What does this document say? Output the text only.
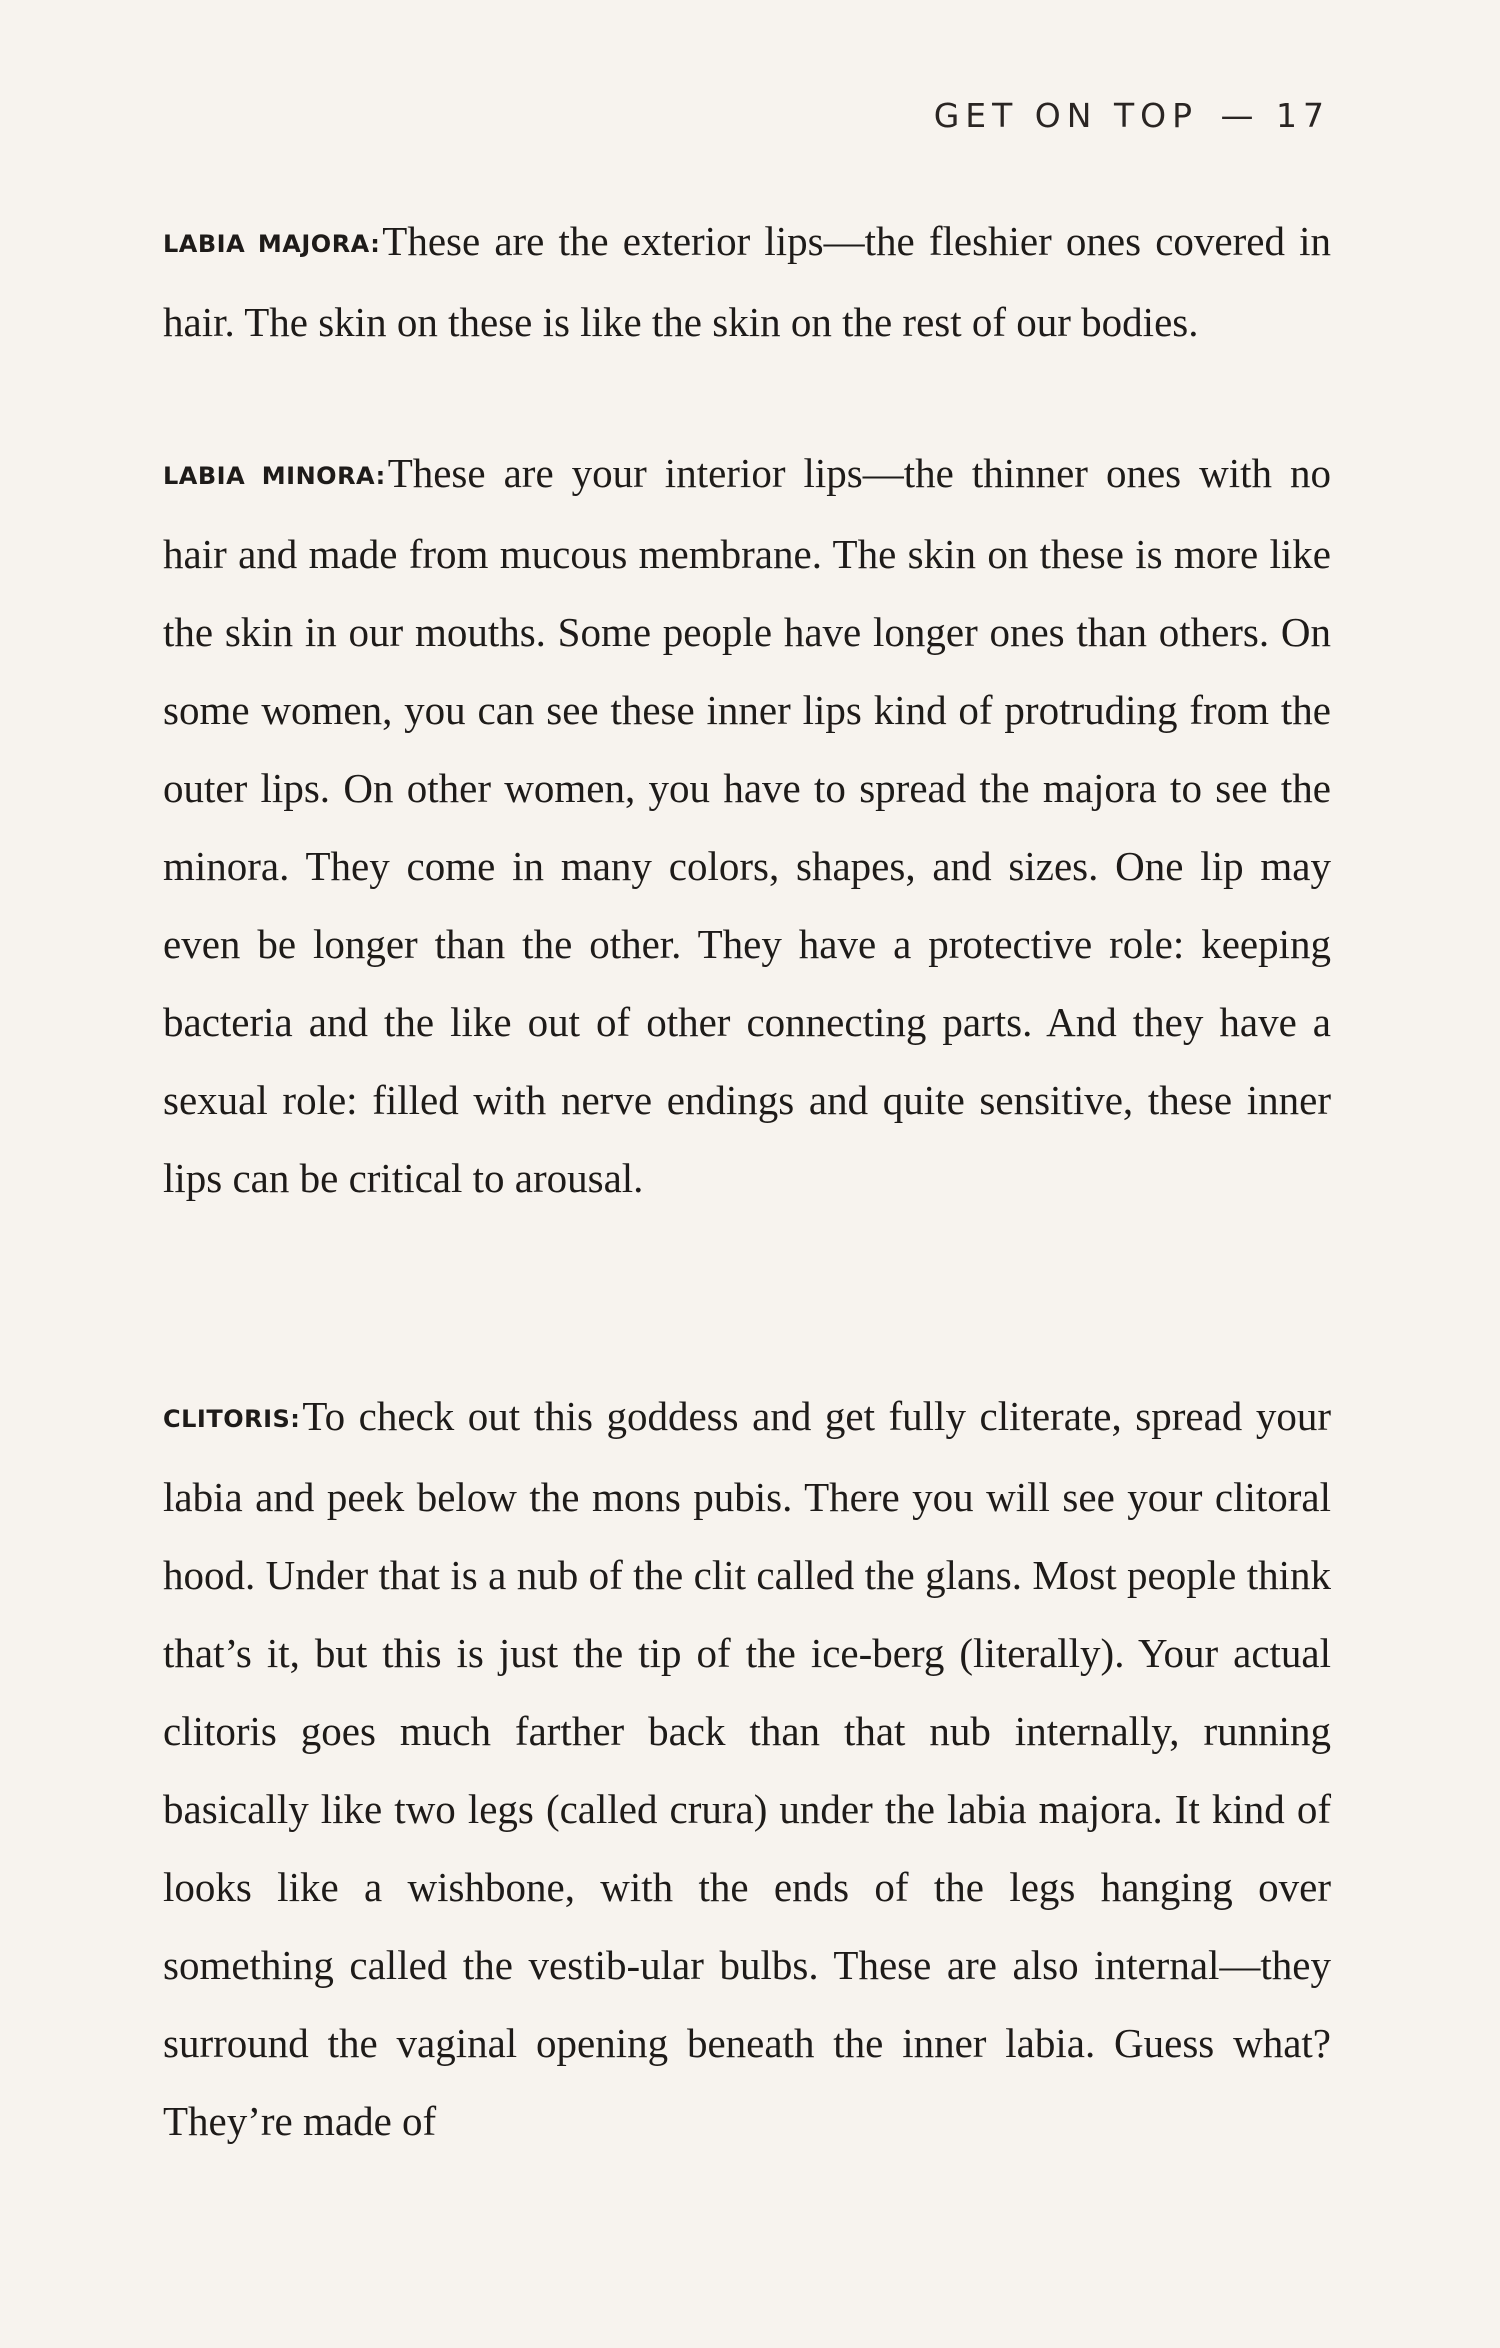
GET ON TOP — 17

LABIA MAJORA:These are the exterior lips—the fleshier ones covered in hair. The skin on these is like the skin on the rest of our bodies.

LABIA MINORA:These are your interior lips—the thinner ones with no hair and made from mucous membrane. The skin on these is more like the skin in our mouths. Some people have longer ones than others. On some women, you can see these inner lips kind of protruding from the outer lips. On other women, you have to spread the majora to see the minora. They come in many colors, shapes, and sizes. One lip may even be longer than the other. They have a protective role: keeping bacteria and the like out of other connecting parts. And they have a sexual role: filled with nerve endings and quite sensitive, these inner lips can be critical to arousal.

CLITORIS:To check out this goddess and get fully cliterate, spread your labia and peek below the mons pubis. There you will see your clitoral hood. Under that is a nub of the clit called the glans. Most people think that’s it, but this is just the tip of the ice-berg (literally). Your actual clitoris goes much farther back than that nub internally, running basically like two legs (called crura) under the labia majora. It kind of looks like a wishbone, with the ends of the legs hanging over something called the vestib-ular bulbs. These are also internal—they surround the vaginal opening beneath the inner labia. Guess what? They’re made of
